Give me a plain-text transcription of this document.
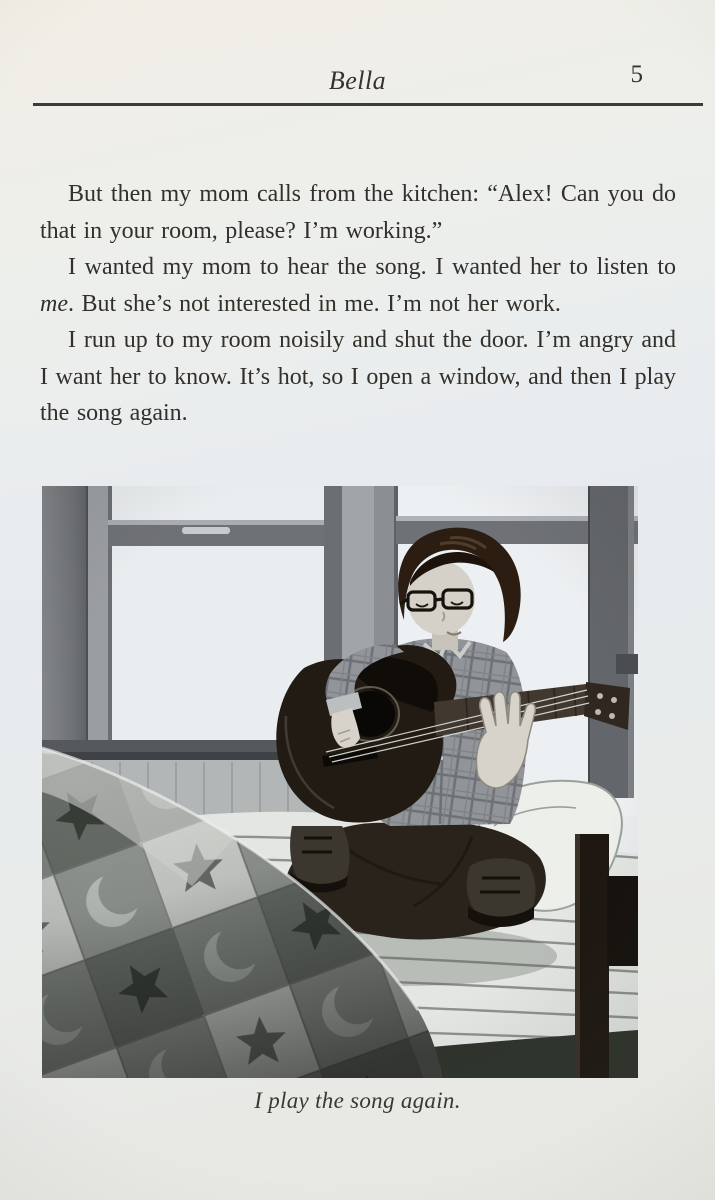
Bella	5

But then my mom calls from the kitchen: “Alex! Can you do that in your room, please? I’m working.”

I wanted my mom to hear the song. I wanted her to listen to me. But she’s not interested in me. I’m not her work.

I run up to my room noisily and shut the door. I’m angry and I want her to know. It’s hot, so I open a window, and then I play the song again.

I play the song again.
